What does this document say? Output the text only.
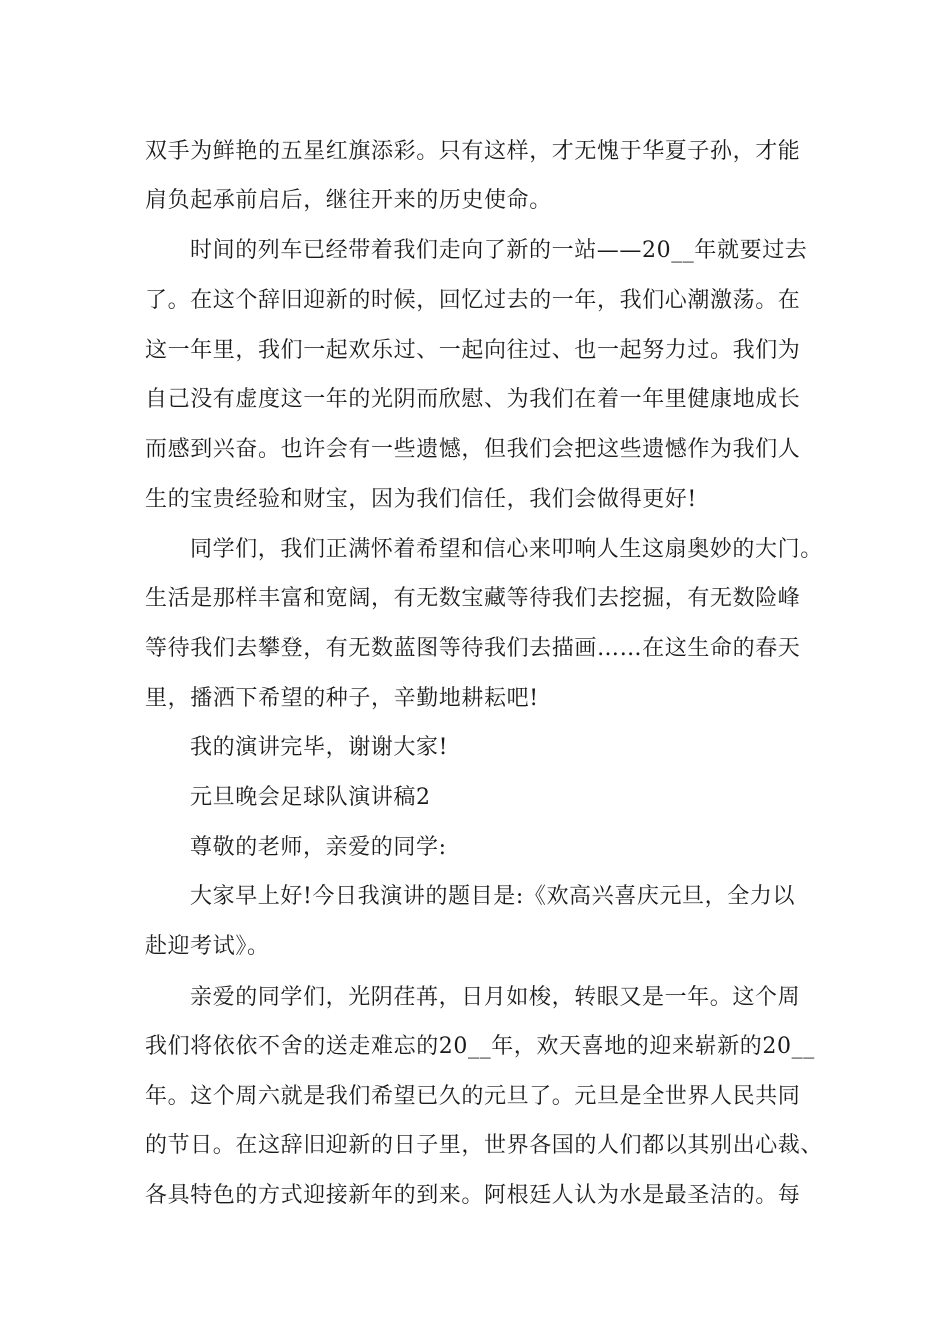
双手为鲜艳的五星红旗添彩。只有这样，才无愧于华夏子孙，才能
肩负起承前启后，继往开来的历史使命。
时间的列车已经带着我们走向了新的一站——20__年就要过去
了。在这个辞旧迎新的时候，回忆过去的一年，我们心潮激荡。在
这一年里，我们一起欢乐过、一起向往过、也一起努力过。我们为
自己没有虚度这一年的光阴而欣慰、为我们在着一年里健康地成长
而感到兴奋。也许会有一些遗憾，但我们会把这些遗憾作为我们人
生的宝贵经验和财宝，因为我们信任，我们会做得更好!
同学们，我们正满怀着希望和信心来叩响人生这扇奥妙的大门。
生活是那样丰富和宽阔，有无数宝藏等待我们去挖掘，有无数险峰
等待我们去攀登，有无数蓝图等待我们去描画……在这生命的春天
里，播洒下希望的种子，辛勤地耕耘吧!
我的演讲完毕，谢谢大家!
元旦晚会足球队演讲稿2
尊敬的老师，亲爱的同学:
大家早上好!今日我演讲的题目是:《欢高兴喜庆元旦，全力以
赴迎考试》。
亲爱的同学们，光阴荏苒，日月如梭，转眼又是一年。这个周
我们将依依不舍的送走难忘的20__年，欢天喜地的迎来崭新的20__
年。这个周六就是我们希望已久的元旦了。元旦是全世界人民共同
的节日。在这辞旧迎新的日子里，世界各国的人们都以其别出心裁、
各具特色的方式迎接新年的到来。阿根廷人认为水是最圣洁的。每
